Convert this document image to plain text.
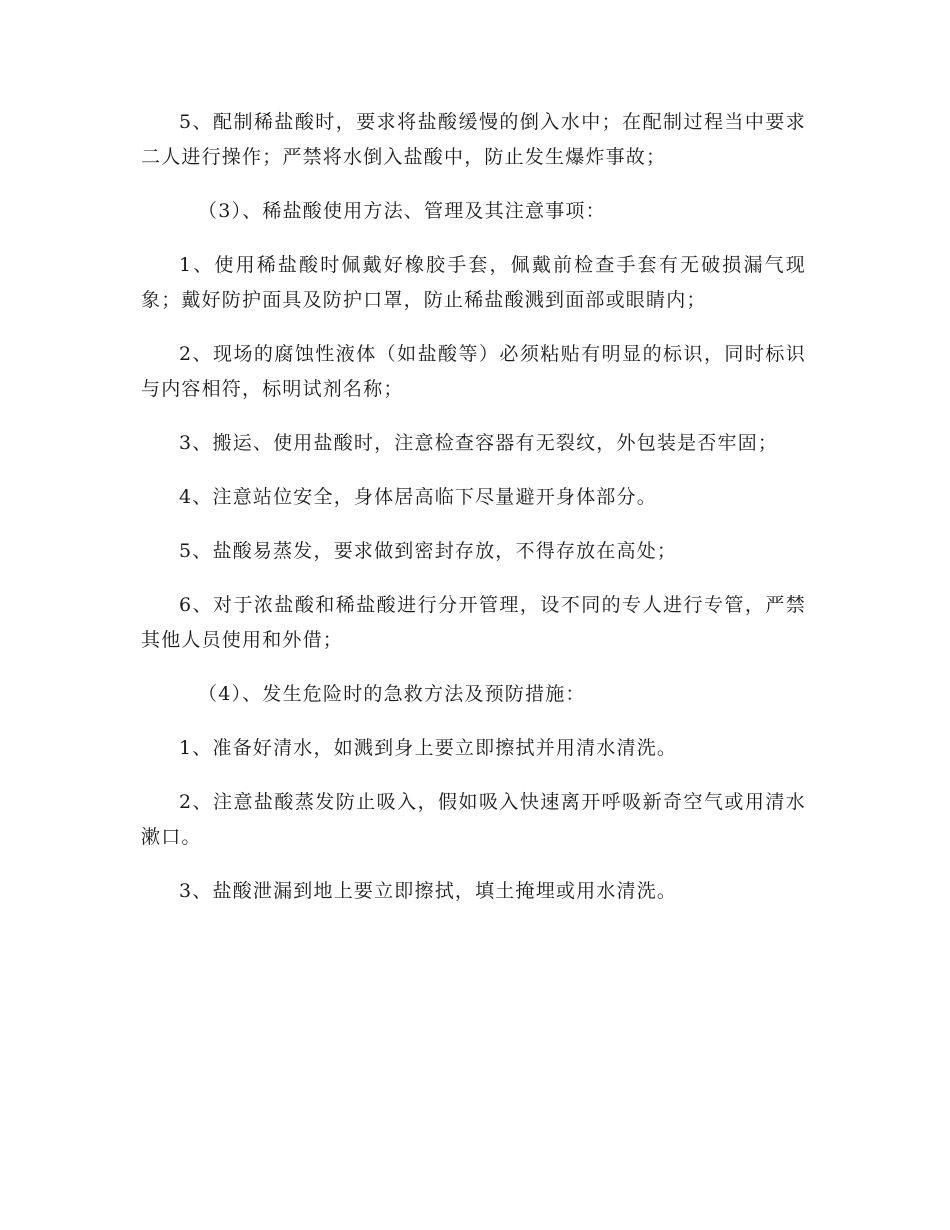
5、配制稀盐酸时，要求将盐酸缓慢的倒入水中；在配制过程当中要求二人进行操作；严禁将水倒入盐酸中，防止发生爆炸事故；

（3）、稀盐酸使用方法、管理及其注意事项：

1、使用稀盐酸时佩戴好橡胶手套，佩戴前检查手套有无破损漏气现象；戴好防护面具及防护口罩，防止稀盐酸溅到面部或眼睛内；

2、现场的腐蚀性液体（如盐酸等）必须粘贴有明显的标识，同时标识与内容相符，标明试剂名称；

3、搬运、使用盐酸时，注意检查容器有无裂纹，外包装是否牢固；

4、注意站位安全，身体居高临下尽量避开身体部分。

5、盐酸易蒸发，要求做到密封存放，不得存放在高处；

6、对于浓盐酸和稀盐酸进行分开管理，设不同的专人进行专管，严禁其他人员使用和外借；

（4）、发生危险时的急救方法及预防措施：

1、准备好清水，如溅到身上要立即擦拭并用清水清洗。

2、注意盐酸蒸发防止吸入，假如吸入快速离开呼吸新奇空气或用清水漱口。

3、盐酸泄漏到地上要立即擦拭，填土掩埋或用水清洗。
